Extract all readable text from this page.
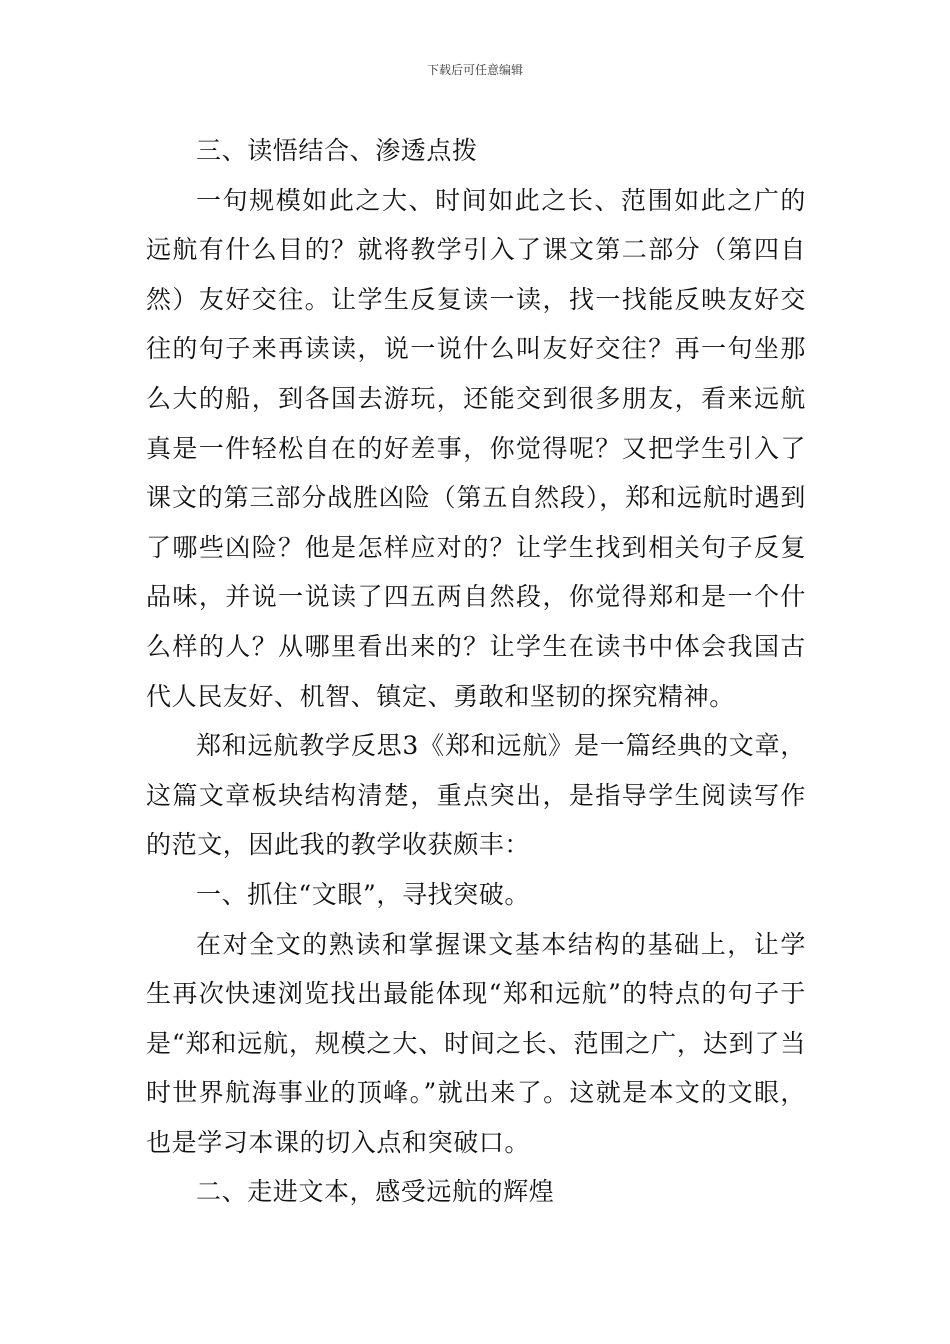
下载后可任意编辑

三、读悟结合、渗透点拨

一句规模如此之大、时间如此之长、范围如此之广的远航有什么目的？就将教学引入了课文第二部分（第四自然）友好交往。让学生反复读一读，找一找能反映友好交往的句子来再读读，说一说什么叫友好交往？再一句坐那么大的船，到各国去游玩，还能交到很多朋友，看来远航真是一件轻松自在的好差事，你觉得呢？又把学生引入了课文的第三部分战胜凶险（第五自然段），郑和远航时遇到了哪些凶险？他是怎样应对的？让学生找到相关句子反复品味，并说一说读了四五两自然段，你觉得郑和是一个什么样的人？从哪里看出来的？让学生在读书中体会我国古代人民友好、机智、镇定、勇敢和坚韧的探究精神。

郑和远航教学反思3《郑和远航》是一篇经典的文章，这篇文章板块结构清楚，重点突出，是指导学生阅读写作的范文，因此我的教学收获颇丰：

一、抓住“文眼”，寻找突破。

在对全文的熟读和掌握课文基本结构的基础上，让学生再次快速浏览找出最能体现“郑和远航”的特点的句子于是“郑和远航，规模之大、时间之长、范围之广，达到了当时世界航海事业的顶峰。”就出来了。这就是本文的文眼，也是学习本课的切入点和突破口。

二、走进文本，感受远航的辉煌
